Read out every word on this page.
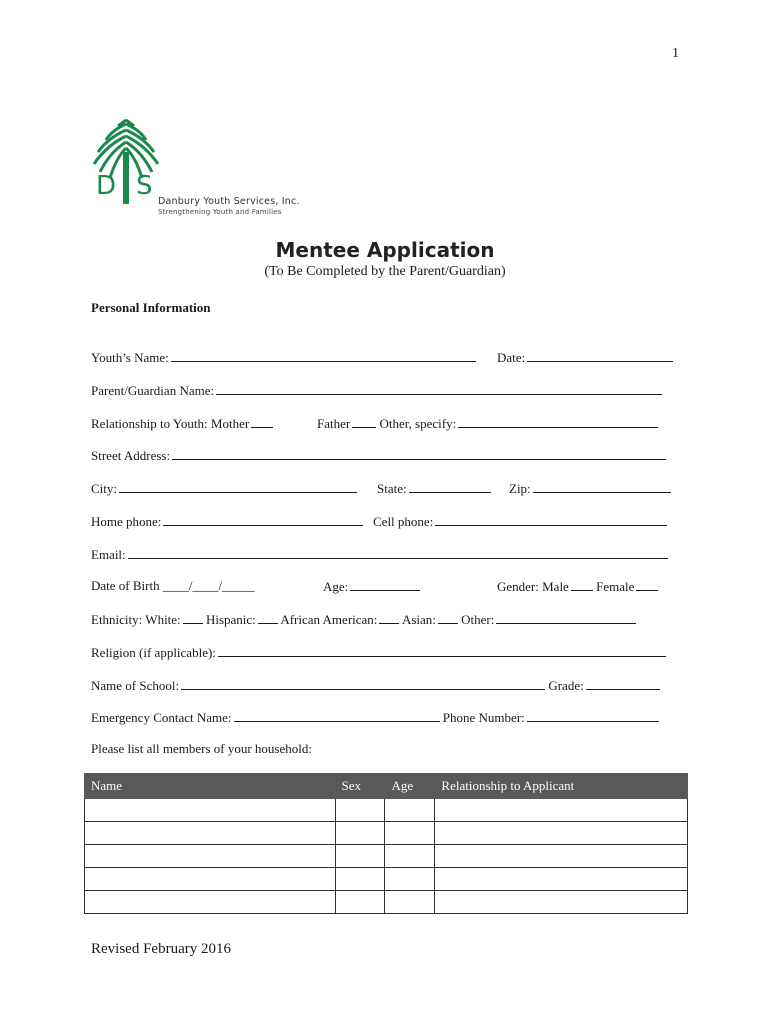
1
D S
Danbury Youth Services, Inc.
Strengthening Youth and Families
Mentee Application
(To Be Completed by the Parent/Guardian)
Personal Information
Youth’s Name:	Date:
Parent/Guardian Name:
Relationship to Youth: Mother	Father Other, specify:
Street Address:
City:	State:	Zip:
Home phone:	Cell phone:
Email:
Date of Birth ____/____/_____	Age:	Gender: Male Female
Ethnicity: White: Hispanic: African American: Asian: Other:
Religion (if applicable):
Name of School:	Grade:
Emergency Contact Name:	Phone Number:
Please list all members of your household:
Name	Sex	Age	Relationship to Applicant

Revised February 2016
